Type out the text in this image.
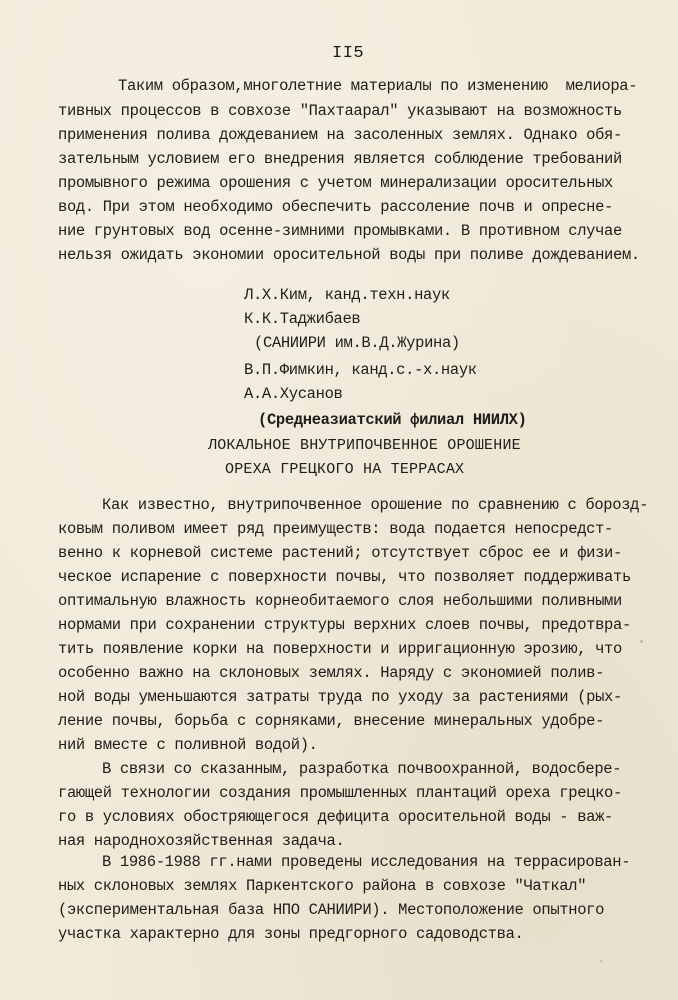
II5
Таким образом,многолетние материалы по изменению  мелиора-
тивных процессов в совхозе "Пахтаарал" указывают на возможность
применения полива дождеванием на засоленных землях. Однако обя-
зательным условием его внедрения является соблюдение требований
промывного режима орошения с учетом минерализации оросительных
вод. При этом необходимо обеспечить рассоление почв и опресне-
ние грунтовых вод осенне-зимними промывками. В противном случае
нельзя ожидать экономии оросительной воды при поливе дождеванием.
Л.Х.Ким, канд.техн.наук
К.К.Таджибаев
(САНИИРИ им.В.Д.Журина)
В.П.Фимкин, канд.с.-х.наук
А.А.Хусанов
(Среднеазиатский филиал НИИЛХ)
ЛОКАЛЬНОЕ ВНУТРИПОЧВЕННОЕ ОРОШЕНИЕ
ОРЕХА ГРЕЦКОГО НА ТЕРРАСАХ
Как известно, внутрипочвенное орошение по сравнению с борозд-
ковым поливом имеет ряд преимуществ: вода подается непосредст-
венно к корневой системе растений; отсутствует сброс ее и физи-
ческое испарение с поверхности почвы, что позволяет поддерживать
оптимальную влажность корнеобитаемого слоя небольшими поливными
нормами при сохранении структуры верхних слоев почвы, предотвра-
тить появление корки на поверхности и ирригационную эрозию, что
особенно важно на склоновых землях. Наряду с экономией полив-
ной воды уменьшаются затраты труда по уходу за растениями (рых-
ление почвы, борьба с сорняками, внесение минеральных удобре-
ний вместе с поливной водой).
В связи со сказанным, разработка почвоохранной, водосбере-
гающей технологии создания промышленных плантаций ореха грецко-
го в условиях обостряющегося дефицита оросительной воды - важ-
ная народнохозяйственная задача.
В 1986-1988 гг.нами проведены исследования на террасирован-
ных склоновых землях Паркентского района в совхозе "Чаткал"
(экспериментальная база НПО САНИИРИ). Местоположение опытного
участка характерно для зоны предгорного садоводства.
